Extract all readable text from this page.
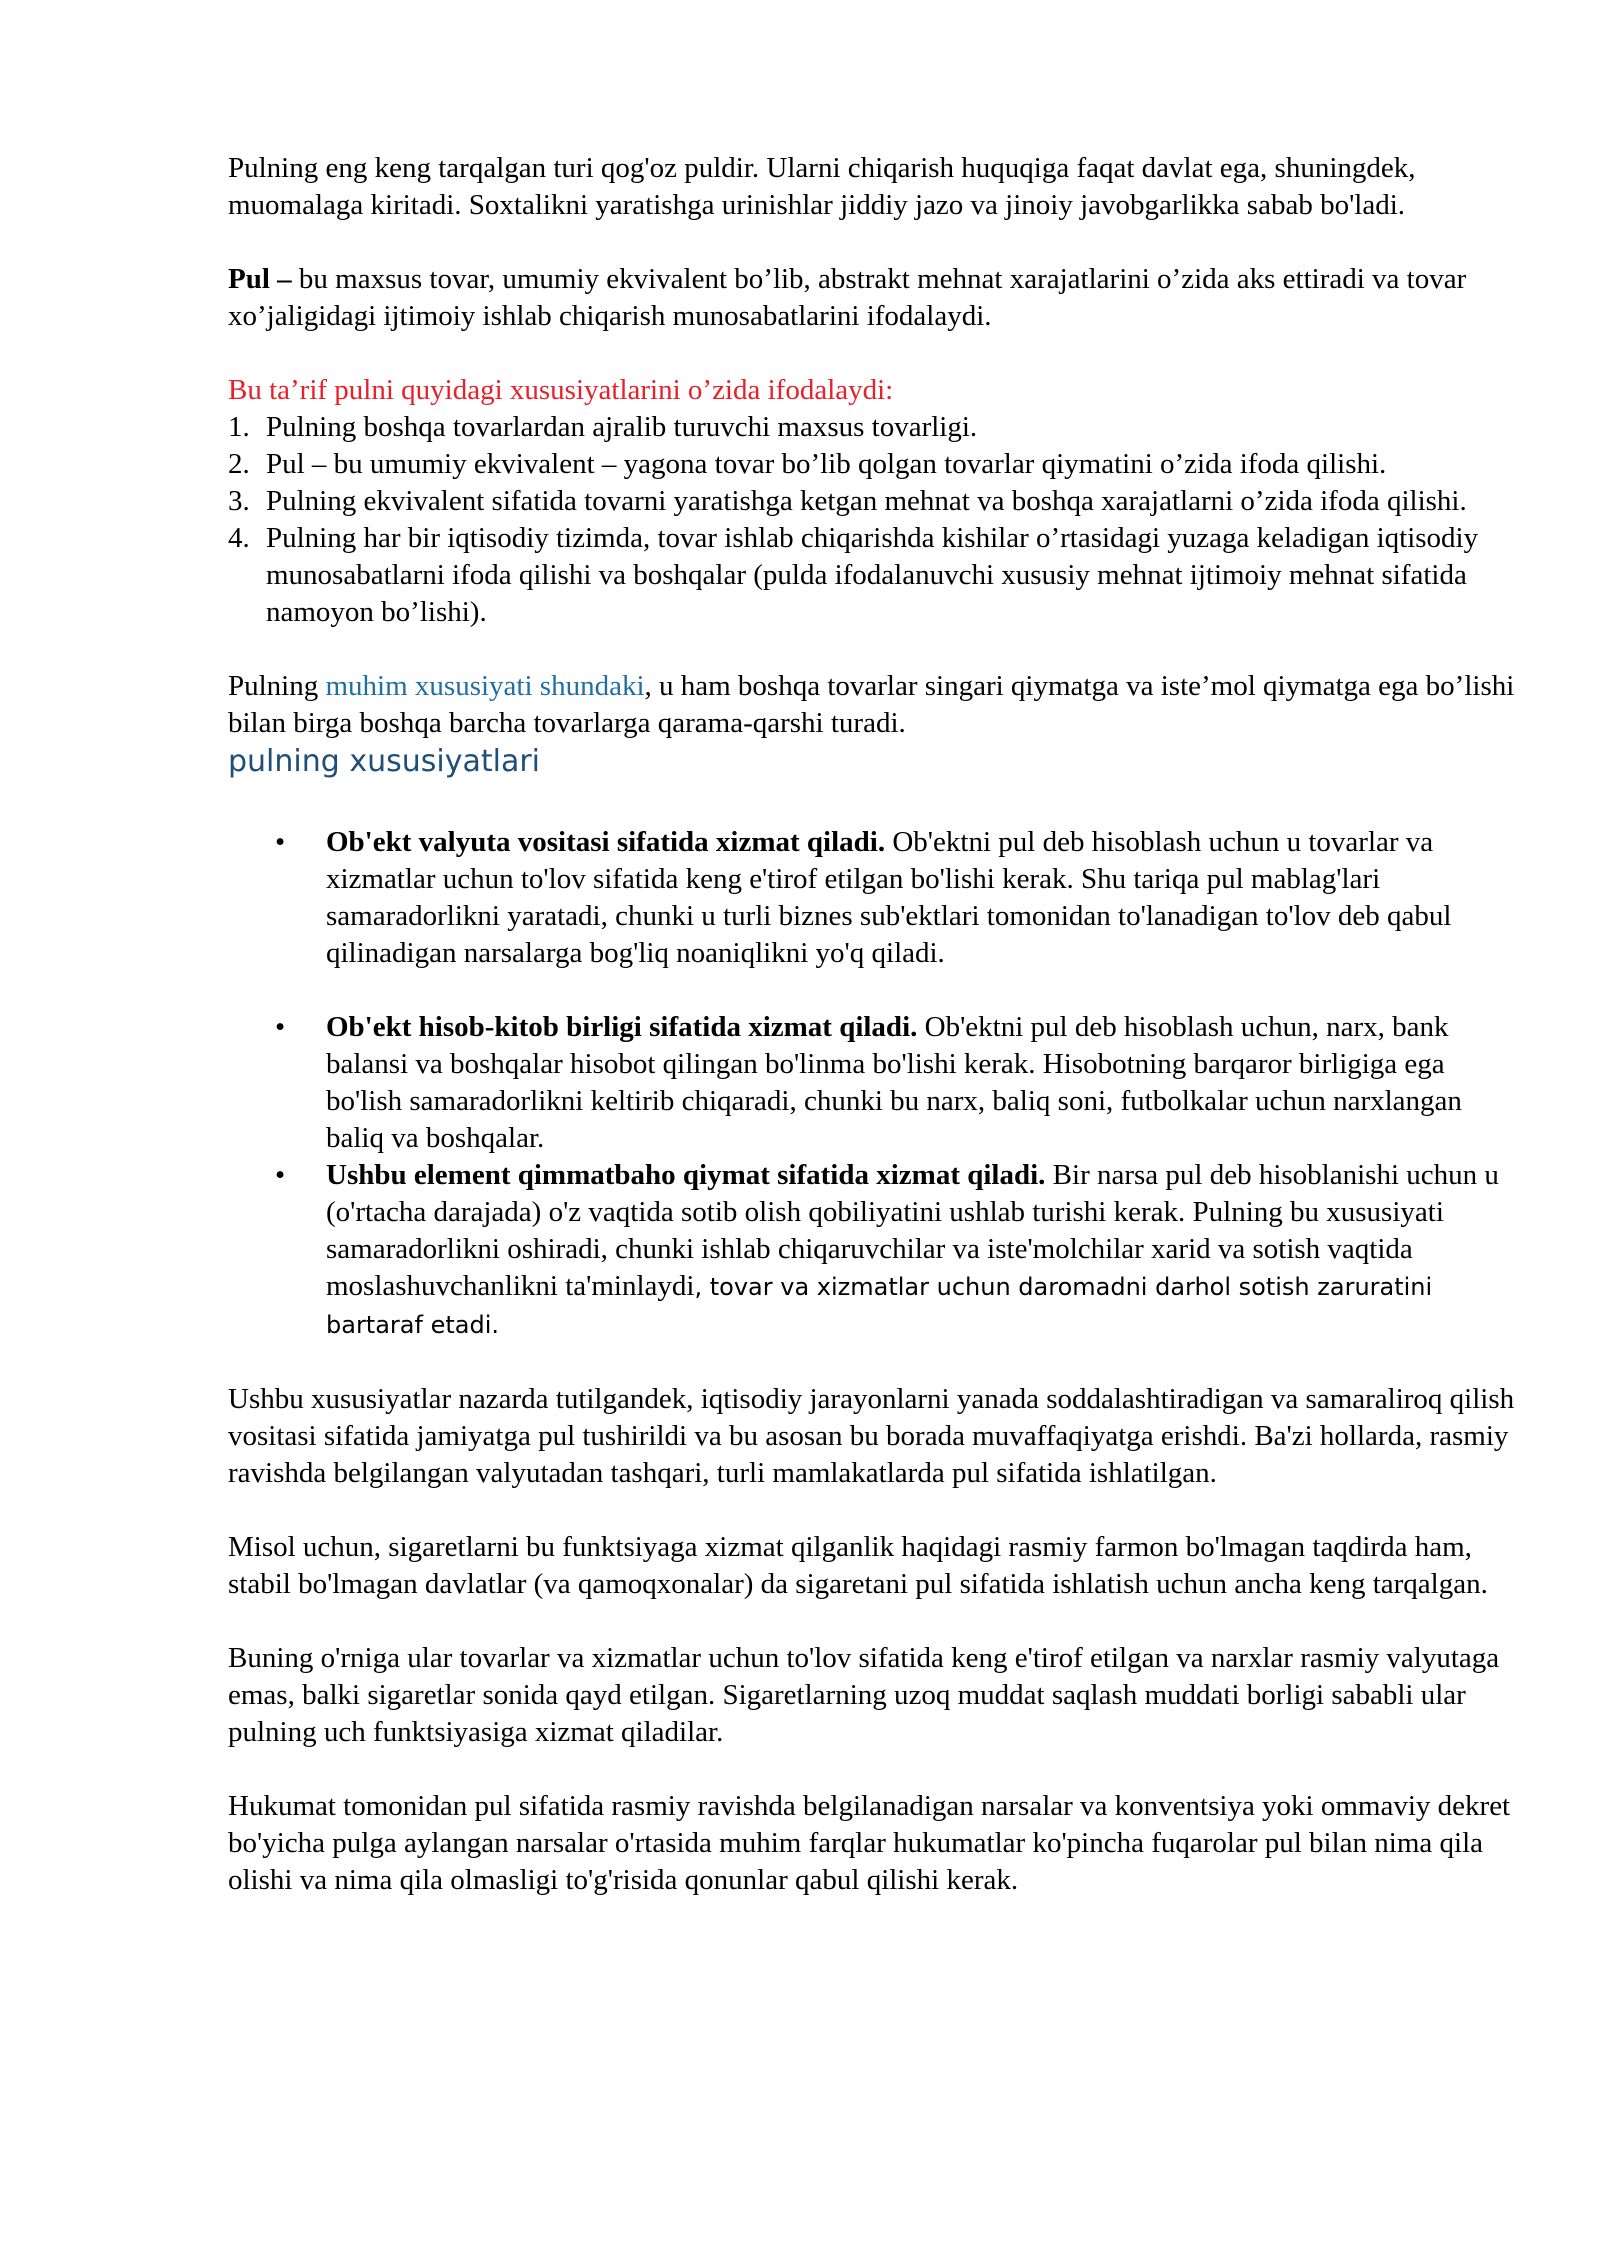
Pulning eng keng tarqalgan turi qog'oz puldir. Ularni chiqarish huquqiga faqat davlat ega, shuningdek, muomalaga kiritadi. Soxtalikni yaratishga urinishlar jiddiy jazo va jinoiy javobgarlikka sabab bo'ladi.

Pul – bu maxsus tovar, umumiy ekvivalent bo’lib, abstrakt mehnat xarajatlarini o’zida aks ettiradi va tovar xo’jaligidagi ijtimoiy ishlab chiqarish munosabatlarini ifodalaydi.

Bu ta’rif pulni quyidagi xususiyatlarini o’zida ifodalaydi:

1. Pulning boshqa tovarlardan ajralib turuvchi maxsus tovarligi.
2. Pul – bu umumiy ekvivalent – yagona tovar bo’lib qolgan tovarlar qiymatini o’zida ifoda qilishi.
3. Pulning ekvivalent sifatida tovarni yaratishga ketgan mehnat va boshqa xarajatlarni o’zida ifoda qilishi.
4. Pulning har bir iqtisodiy tizimda, tovar ishlab chiqarishda kishilar o’rtasidagi yuzaga keladigan iqtisodiy munosabatlarni ifoda qilishi va boshqalar (pulda ifodalanuvchi xususiy mehnat ijtimoiy mehnat sifatida namoyon bo’lishi).

Pulning muhim xususiyati shundaki, u ham boshqa tovarlar singari qiymatga va iste’mol qiymatga ega bo’lishi bilan birga boshqa barcha tovarlarga qarama-qarshi turadi.

pulning xususiyatlari
• Ob'ekt valyuta vositasi sifatida xizmat qiladi. Ob'ektni pul deb hisoblash uchun u tovarlar va xizmatlar uchun to'lov sifatida keng e'tirof etilgan bo'lishi kerak. Shu tariqa pul mablag'lari samaradorlikni yaratadi, chunki u turli biznes sub'ektlari tomonidan to'lanadigan to'lov deb qabul qilinadigan narsalarga bog'liq noaniqlikni yo'q qiladi.
• Ob'ekt hisob-kitob birligi sifatida xizmat qiladi. Ob'ektni pul deb hisoblash uchun, narx, bank balansi va boshqalar hisobot qilingan bo'linma bo'lishi kerak. Hisobotning barqaror birligiga ega bo'lish samaradorlikni keltirib chiqaradi, chunki bu narx, baliq soni, futbolkalar uchun narxlangan baliq va boshqalar.
• Ushbu element qimmatbaho qiymat sifatida xizmat qiladi. Bir narsa pul deb hisoblanishi uchun u (o'rtacha darajada) o'z vaqtida sotib olish qobiliyatini ushlab turishi kerak. Pulning bu xususiyati samaradorlikni oshiradi, chunki ishlab chiqaruvchilar va iste'molchilar xarid va sotish vaqtida moslashuvchanlikni ta'minlaydi, tovar va xizmatlar uchun daromadni darhol sotish zaruratini bartaraf etadi.

Ushbu xususiyatlar nazarda tutilgandek, iqtisodiy jarayonlarni yanada soddalashtiradigan va samaraliroq qilish vositasi sifatida jamiyatga pul tushirildi va bu asosan bu borada muvaffaqiyatga erishdi. Ba'zi hollarda, rasmiy ravishda belgilangan valyutadan tashqari, turli mamlakatlarda pul sifatida ishlatilgan.

Misol uchun, sigaretlarni bu funktsiyaga xizmat qilganlik haqidagi rasmiy farmon bo'lmagan taqdirda ham, stabil bo'lmagan davlatlar (va qamoqxonalar) da sigaretani pul sifatida ishlatish uchun ancha keng tarqalgan.

Buning o'rniga ular tovarlar va xizmatlar uchun to'lov sifatida keng e'tirof etilgan va narxlar rasmiy valyutaga emas, balki sigaretlar sonida qayd etilgan. Sigaretlarning uzoq muddat saqlash muddati borligi sababli ular pulning uch funktsiyasiga xizmat qiladilar.

Hukumat tomonidan pul sifatida rasmiy ravishda belgilanadigan narsalar va konventsiya yoki ommaviy dekret bo'yicha pulga aylangan narsalar o'rtasida muhim farqlar hukumatlar ko'pincha fuqarolar pul bilan nima qila olishi va nima qila olmasligi to'g'risida qonunlar qabul qilishi kerak.
